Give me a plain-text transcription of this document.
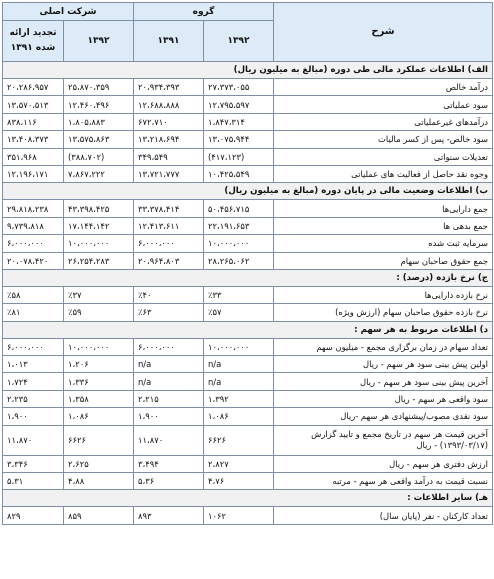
شرح	گروه		شرکت اصلی	
	۱۳۹۲	۱۳۹۱	۱۳۹۲	تجدید ارائه شده ۱۳۹۱
الف) اطلاعات عملکرد مالی طی دوره (مبالغ به میلیون ریال)				
درآمد خالص	۲۷،۳۷۳،۰۵۵	۲۰،۹۳۴،۳۹۳	۲۵،۸۷۰،۳۵۹	۲۰،۲۸۶،۹۵۷
سود عملیاتی	۱۲،۷۹۵،۵۹۷	۱۲،۶۸۸،۸۸۸	۱۲،۴۶۰،۴۹۶	۱۳،۵۷۰،۵۱۳
درآمدهای غیرعملیاتی	۱،۸۴۷،۳۱۴	۶۷۲،۷۱۰	۱،۸۰۵،۸۸۳	۸۳۸،۱۱۶
سود خالص- پس از کسر مالیات	۱۳،۰۷۵،۹۴۴	۱۳،۲۱۸،۶۹۴	۱۳،۵۷۵،۸۶۳	۱۳،۴۰۸،۳۷۳
تعدیلات سنواتی	(۴۱۷،۱۲۳)	۳۴۹،۵۴۹	(۳۸۸،۷۰۲)	۳۵۱،۹۶۸
وجوه نقد حاصل از فعالیت های عملیاتی	۱۰،۴۲۵،۵۴۹	۱۳،۷۲۱،۷۷۷	۷،۸۶۷،۲۲۲	۱۲،۱۹۶،۱۷۱
ب) اطلاعات وضعیت مالی در پایان دوره (مبالغ به میلیون ریال)				
جمع دارایی‌ها	۵۰،۴۵۶،۷۱۵	۳۳،۳۷۸،۴۱۴	۴۳،۳۹۸،۴۲۵	۲۹،۸۱۸،۲۳۸
جمع بدهی ها	۲۲،۱۹۱،۶۵۳	۱۲،۴۱۳،۶۱۱	۱۷،۱۴۴،۱۴۲	۹،۷۳۹،۸۱۸
سرمایه ثبت شده	۱۰،۰۰۰،۰۰۰	۶،۰۰۰،۰۰۰	۱۰،۰۰۰،۰۰۰	۶،۰۰۰،۰۰۰
جمع حقوق صاحبان سهام	۲۸،۲۶۵،۰۶۲	۲۰،۹۶۴،۸۰۳	۲۶،۲۵۴،۲۸۳	۲۰،۰۷۸،۴۲۰
ج) نرخ بازده (درصد) :				
نرخ بازده دارایی‌ها	٪۳۳	٪۴۰	٪۳۷	٪۵۸
نرخ بازده حقوق صاحبان سهام (ارزش ویژه)	٪۵۷	٪۶۳	٪۵۹	٪۸۱
د) اطلاعات مربوط به هر سهم :				
تعداد سهام در زمان برگزاری مجمع - میلیون سهم	۱۰،۰۰۰،۰۰۰	۶،۰۰۰،۰۰۰	۱۰،۰۰۰،۰۰۰	۶،۰۰۰،۰۰۰
اولین پیش بینی سود هر سهم - ریال	n/a	n/a	۱،۲۰۶	۱،۰۱۳
آخرین پیش بینی سود هر سهم - ریال	n/a	n/a	۱،۳۳۶	۱،۷۲۴
سود واقعی هر سهم - ریال	۱،۳۹۲	۲،۲۱۵	۱،۳۵۸	۲،۲۳۵
سود نقدی مصوب/پیشنهادی هر سهم -ریال	۱،۰۸۶	۱،۹۰۰	۱،۰۸۶	۱،۹۰۰
آخرین قیمت هر سهم در تاریخ مجمع و تایید گزارش (۱۳۹۳/۰۳/۱۷) - ریال	۶۶۲۶	۱۱،۸۷۰	۶۶۲۶	۱۱،۸۷۰
ارزش دفتری هر سهم - ریال	۲،۸۲۷	۳،۴۹۴	۲،۶۲۵	۳،۳۴۶
نسبت قیمت به درآمد واقعی هر سهم - مرتبه	۴،۷۶	۵،۳۶	۴،۸۸	۵،۳۱
هـ) سایر اطلاعات :				
تعداد کارکنان - نفر (پایان سال)	۱۰۶۲	۸۹۳	۸۵۹	۸۲۹
